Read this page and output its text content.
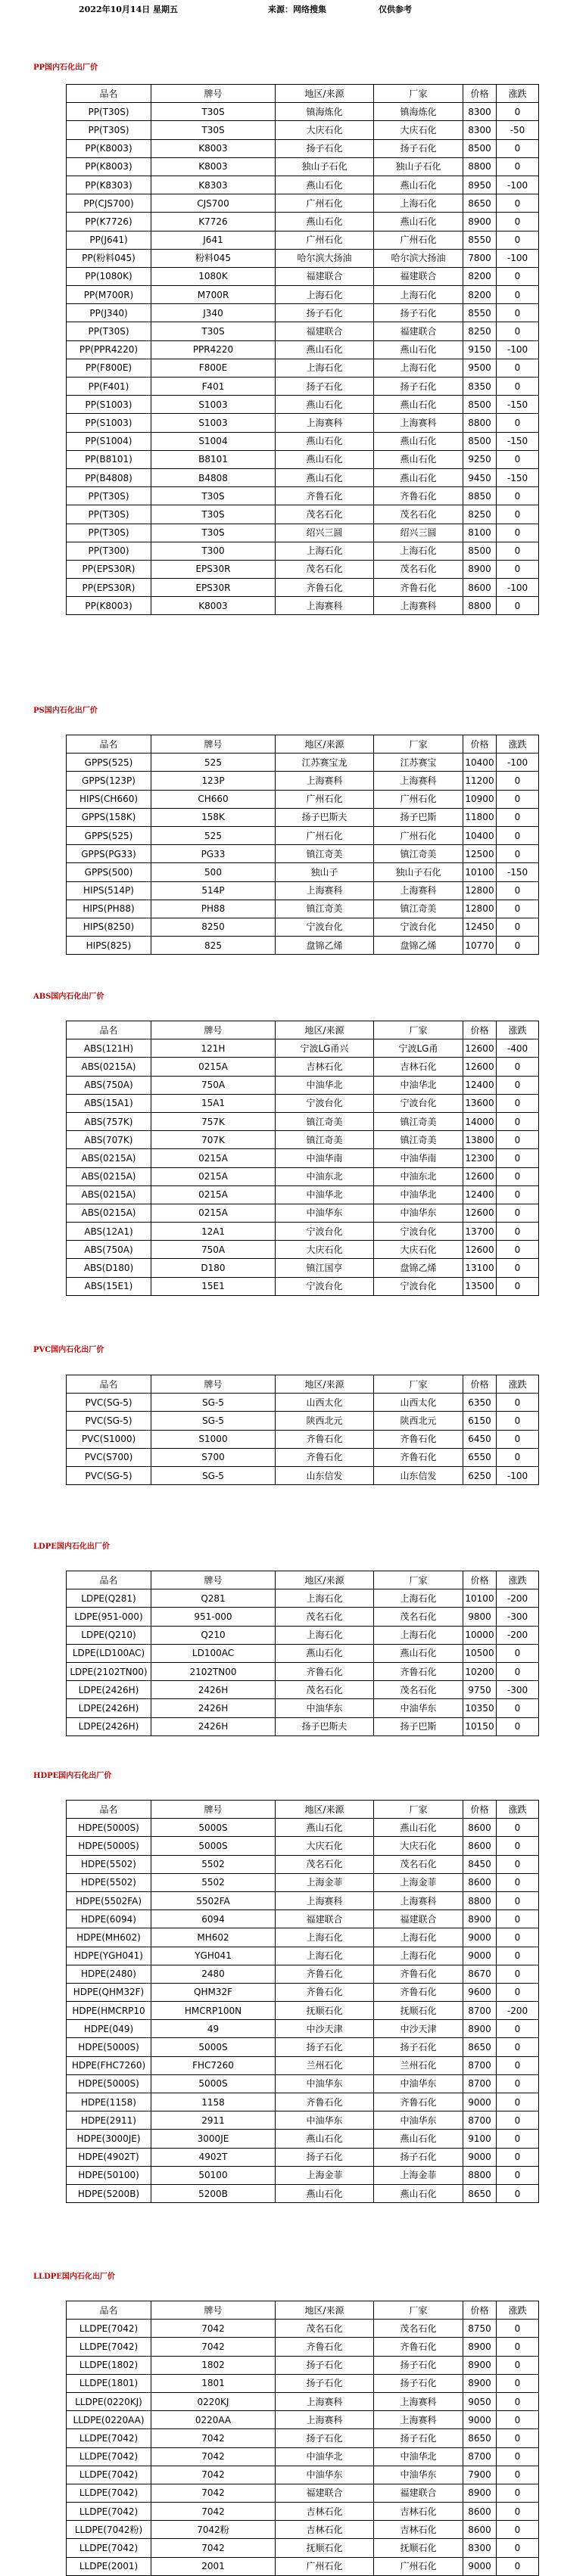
2022年10月14日 星期五	来源：网络搜集	仅供参考
PP国内石化出厂价
品名	牌号	地区/来源	厂家	价格	涨跌
PP(T30S)	T30S	镇海炼化	镇海炼化	8300	0
PP(T30S)	T30S	大庆石化	大庆石化	8300	-50
PP(K8003)	K8003	扬子石化	扬子石化	8500	0
PP(K8003)	K8003	独山子石化	独山子石化	8800	0
PP(K8303)	K8303	燕山石化	燕山石化	8950	-100
PP(CJS700)	CJS700	广州石化	上海石化	8650	0
PP(K7726)	K7726	燕山石化	燕山石化	8900	0
PP(J641)	J641	广州石化	广州石化	8550	0
PP(粉料045)	粉料045	哈尔滨大扬油	哈尔滨大扬油	7800	-100
PP(1080K)	1080K	福建联合	福建联合	8200	0
PP(M700R)	M700R	上海石化	上海石化	8200	0
PP(J340)	J340	扬子石化	扬子石化	8550	0
PP(T30S)	T30S	福建联合	福建联合	8250	0
PP(PPR4220)	PPR4220	燕山石化	燕山石化	9150	-100
PP(F800E)	F800E	上海石化	上海石化	9500	0
PP(F401)	F401	扬子石化	扬子石化	8350	0
PP(S1003)	S1003	燕山石化	燕山石化	8500	-150
PP(S1003)	S1003	上海赛科	上海赛科	8800	0
PP(S1004)	S1004	燕山石化	燕山石化	8500	-150
PP(B8101)	B8101	燕山石化	燕山石化	9250	0
PP(B4808)	B4808	燕山石化	燕山石化	9450	-150
PP(T30S)	T30S	齐鲁石化	齐鲁石化	8850	0
PP(T30S)	T30S	茂名石化	茂名石化	8250	0
PP(T30S)	T30S	绍兴三圆	绍兴三圆	8100	0
PP(T300)	T300	上海石化	上海石化	8500	0
PP(EPS30R)	EPS30R	茂名石化	茂名石化	8900	0
PP(EPS30R)	EPS30R	齐鲁石化	齐鲁石化	8600	-100
PP(K8003)	K8003	上海赛科	上海赛科	8800	0
PS国内石化出厂价
品名	牌号	地区/来源	厂家	价格	涨跌
GPPS(525)	525	江苏赛宝龙	江苏赛宝	10400	-100
GPPS(123P)	123P	上海赛科	上海赛科	11200	0
HIPS(CH660)	CH660	广州石化	广州石化	10900	0
GPPS(158K)	158K	扬子巴斯夫	扬子巴斯	11800	0
GPPS(525)	525	广州石化	广州石化	10400	0
GPPS(PG33)	PG33	镇江奇美	镇江奇美	12500	0
GPPS(500)	500	独山子	独山子石化	10100	-150
HIPS(514P)	514P	上海赛科	上海赛科	12800	0
HIPS(PH88)	PH88	镇江奇美	镇江奇美	12800	0
HIPS(8250)	8250	宁波台化	宁波台化	12450	0
HIPS(825)	825	盘锦乙烯	盘锦乙烯	10770	0
ABS国内石化出厂价
品名	牌号	地区/来源	厂家	价格	涨跌
ABS(121H)	121H	宁波LG甬兴	宁波LG甬	12600	-400
ABS(0215A)	0215A	吉林石化	吉林石化	12600	0
ABS(750A)	750A	中油华北	中油华北	12400	0
ABS(15A1)	15A1	宁波台化	宁波台化	13600	0
ABS(757K)	757K	镇江奇美	镇江奇美	14000	0
ABS(707K)	707K	镇江奇美	镇江奇美	13800	0
ABS(0215A)	0215A	中油华南	中油华南	12300	0
ABS(0215A)	0215A	中油东北	中油东北	12600	0
ABS(0215A)	0215A	中油华北	中油华北	12400	0
ABS(0215A)	0215A	中油华东	中油华东	12600	0
ABS(12A1)	12A1	宁波台化	宁波台化	13700	0
ABS(750A)	750A	大庆石化	大庆石化	12600	0
ABS(D180)	D180	镇江国亨	盘锦乙烯	13100	0
ABS(15E1)	15E1	宁波台化	宁波台化	13500	0
PVC国内石化出厂价
品名	牌号	地区/来源	厂家	价格	涨跌
PVC(SG-5)	SG-5	山西太化	山西太化	6350	0
PVC(SG-5)	SG-5	陕西北元	陕西北元	6150	0
PVC(S1000)	S1000	齐鲁石化	齐鲁石化	6450	0
PVC(S700)	S700	齐鲁石化	齐鲁石化	6550	0
PVC(SG-5)	SG-5	山东信发	山东信发	6250	-100
LDPE国内石化出厂价
品名	牌号	地区/来源	厂家	价格	涨跌
LDPE(Q281)	Q281	上海石化	上海石化	10100	-200
LDPE(951-000)	951-000	茂名石化	茂名石化	9800	-300
LDPE(Q210)	Q210	上海石化	上海石化	10000	-200
LDPE(LD100AC)	LD100AC	燕山石化	燕山石化	10500	0
LDPE(2102TN00)	2102TN00	齐鲁石化	齐鲁石化	10200	0
LDPE(2426H)	2426H	茂名石化	茂名石化	9750	-300
LDPE(2426H)	2426H	中油华东	中油华东	10350	0
LDPE(2426H)	2426H	扬子巴斯夫	扬子巴斯	10150	0
HDPE国内石化出厂价
品名	牌号	地区/来源	厂家	价格	涨跌
HDPE(5000S)	5000S	燕山石化	燕山石化	8600	0
HDPE(5000S)	5000S	大庆石化	大庆石化	8600	0
HDPE(5502)	5502	茂名石化	茂名石化	8450	0
HDPE(5502)	5502	上海金菲	上海金菲	8600	0
HDPE(5502FA)	5502FA	上海赛科	上海赛科	8800	0
HDPE(6094)	6094	福建联合	福建联合	8900	0
HDPE(MH602)	MH602	上海石化	上海石化	9000	0
HDPE(YGH041)	YGH041	上海石化	上海石化	9000	0
HDPE(2480)	2480	齐鲁石化	齐鲁石化	8670	0
HDPE(QHM32F)	QHM32F	齐鲁石化	齐鲁石化	9600	0
HDPE(HMCRP10	HMCRP100N	抚顺石化	抚顺石化	8700	-200
HDPE(049)	49	中沙天津	中沙天津	8900	0
HDPE(5000S)	5000S	扬子石化	扬子石化	8650	0
HDPE(FHC7260)	FHC7260	兰州石化	兰州石化	8700	0
HDPE(5000S)	5000S	中油华东	中油华东	8700	0
HDPE(1158)	1158	齐鲁石化	齐鲁石化	9000	0
HDPE(2911)	2911	中油华东	中油华东	8700	0
HDPE(3000JE)	3000JE	燕山石化	燕山石化	9100	0
HDPE(4902T)	4902T	扬子石化	扬子石化	9000	0
HDPE(50100)	50100	上海金菲	上海金菲	8800	0
HDPE(5200B)	5200B	燕山石化	燕山石化	8650	0
LLDPE国内石化出厂价
品名	牌号	地区/来源	厂家	价格	涨跌
LLDPE(7042)	7042	茂名石化	茂名石化	8750	0
LLDPE(7042)	7042	齐鲁石化	齐鲁石化	8900	0
LLDPE(1802)	1802	扬子石化	扬子石化	8900	0
LLDPE(1801)	1801	扬子石化	扬子石化	8900	0
LLDPE(0220KJ)	0220KJ	上海赛科	上海赛科	9050	0
LLDPE(0220AA)	0220AA	上海赛科	上海赛科	9000	0
LLDPE(7042)	7042	扬子石化	扬子石化	8650	0
LLDPE(7042)	7042	中油华北	中油华北	8700	0
LLDPE(7042)	7042	中油华东	中油华东	7900	0
LLDPE(7042)	7042	福建联合	福建联合	8900	0
LLDPE(7042)	7042	吉林石化	吉林石化	8600	0
LLDPE(7042粉)	7042粉	吉林石化	吉林石化	8600	0
LLDPE(7042)	7042	抚顺石化	抚顺石化	8300	0
LLDPE(2001)	2001	广州石化	广州石化	9000	0
